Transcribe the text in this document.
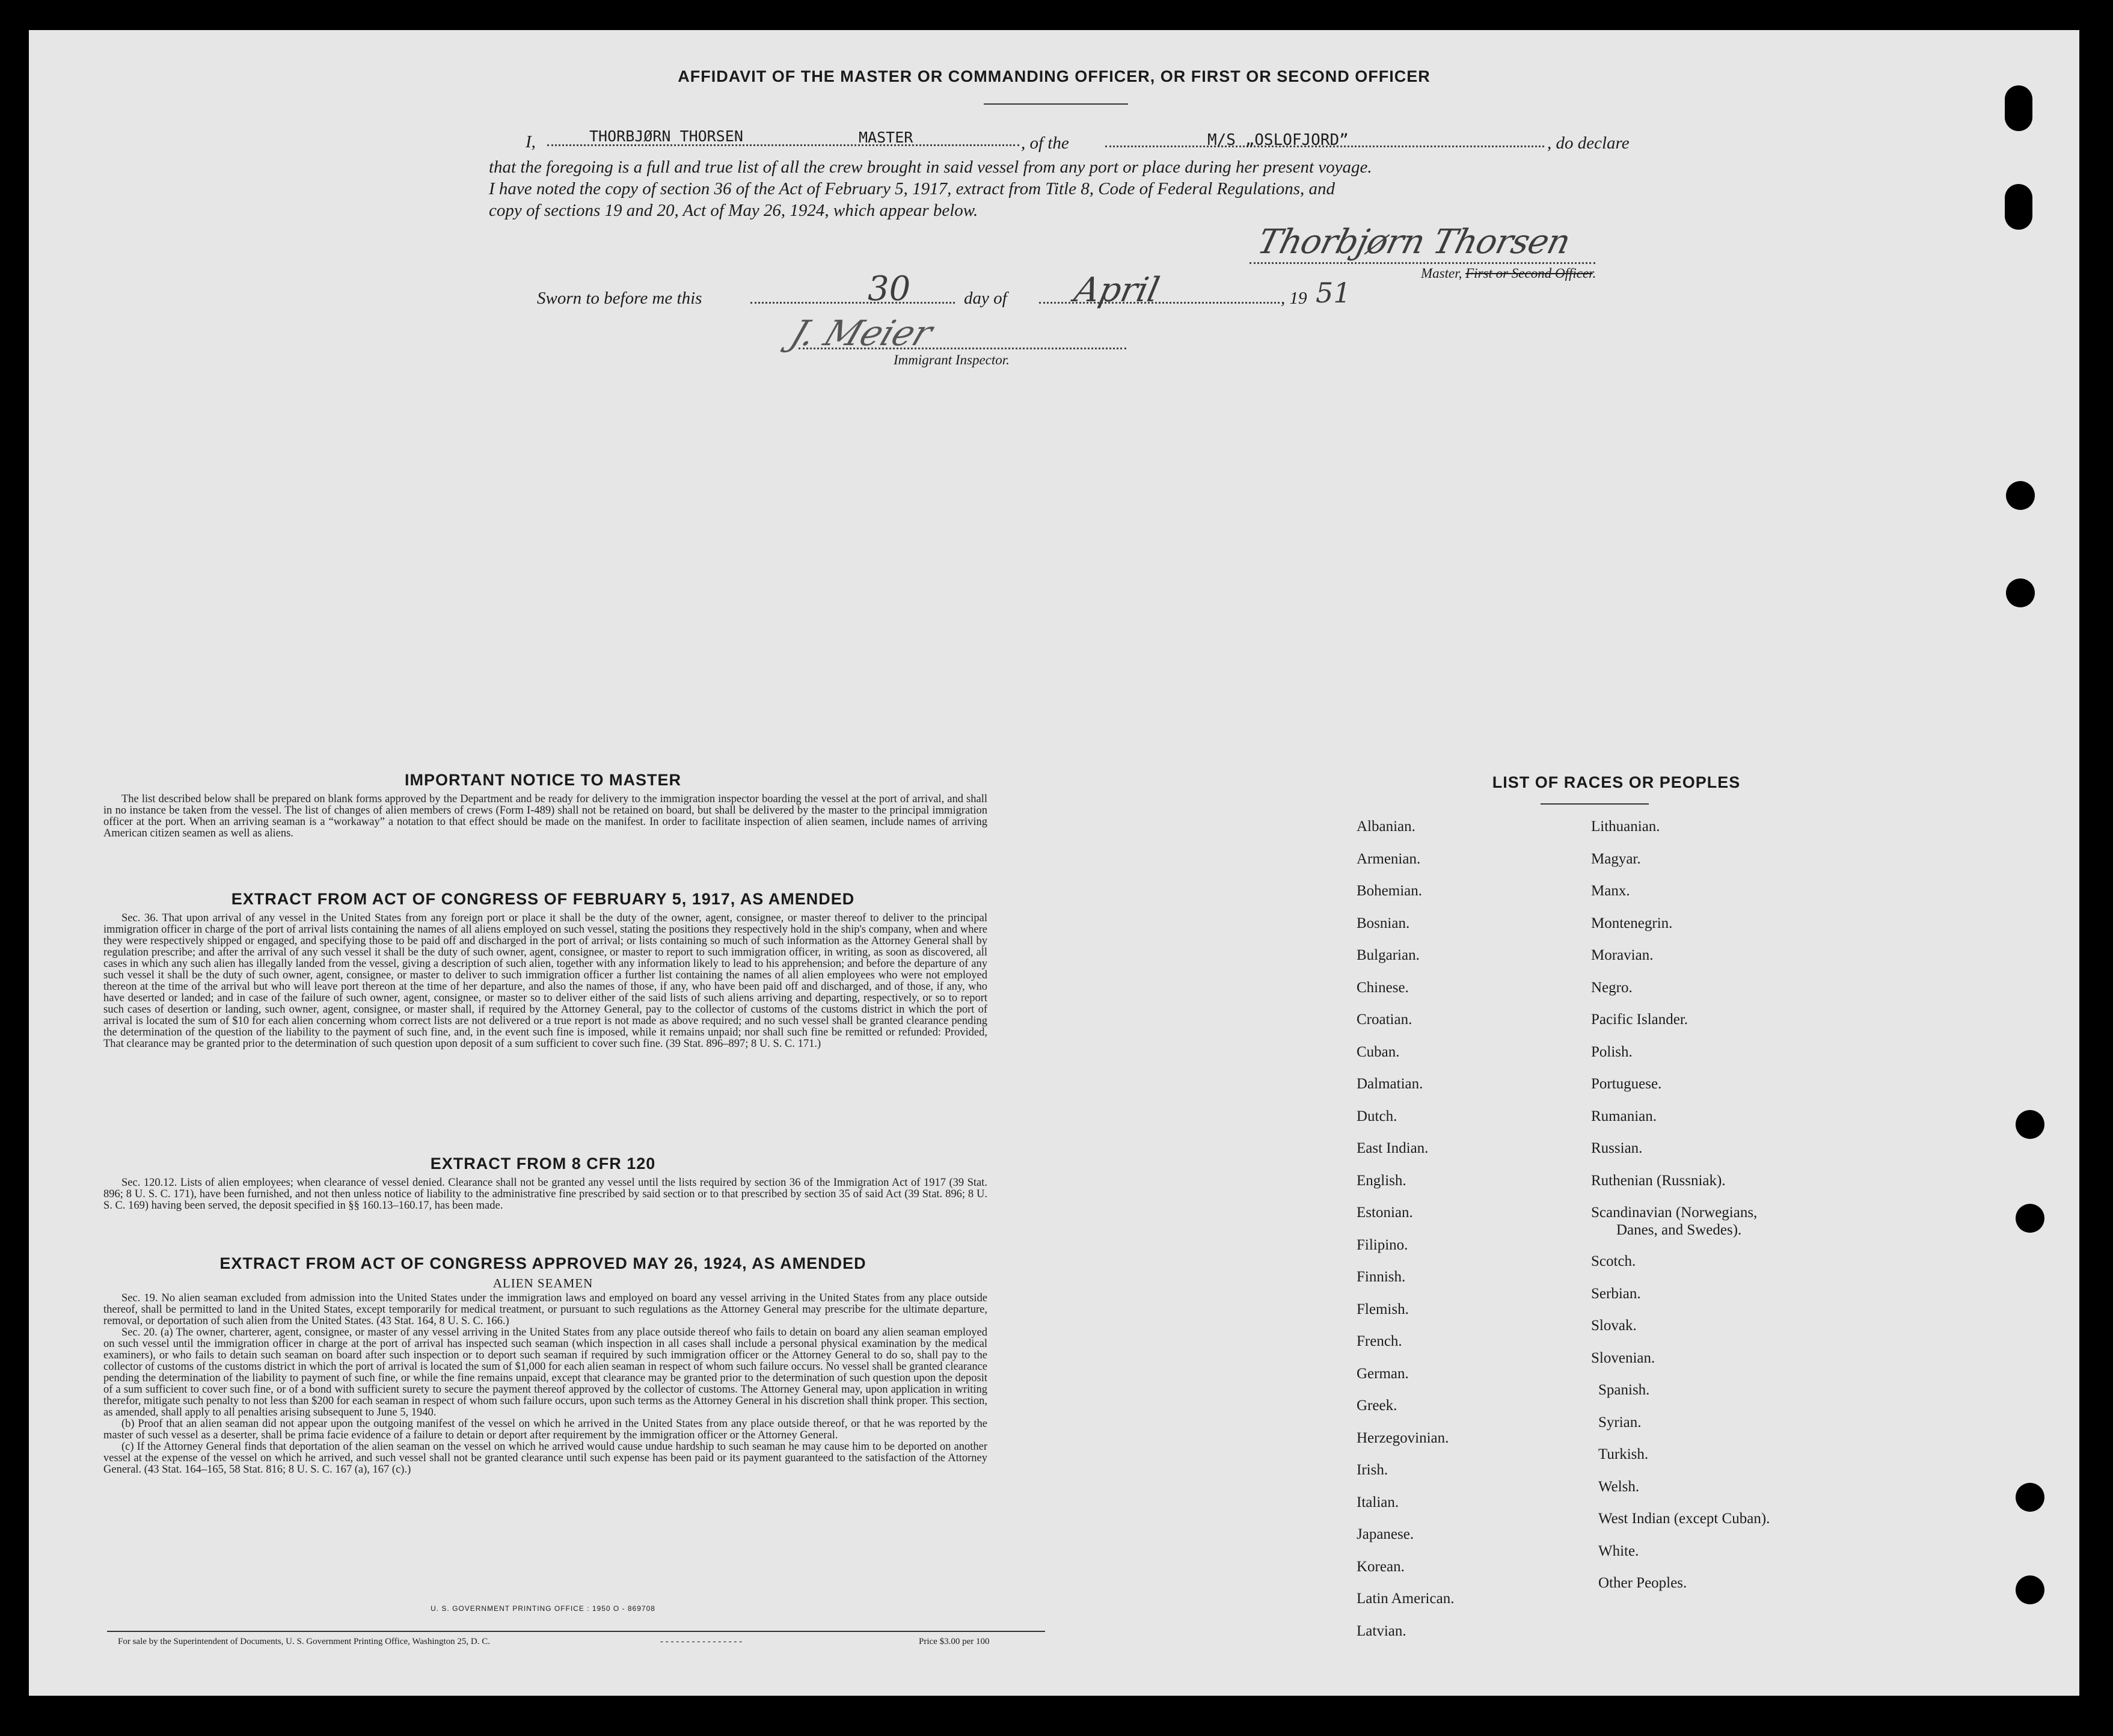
AFFIDAVIT OF THE MASTER OR COMMANDING OFFICER, OR FIRST OR SECOND OFFICER
I,	THORBJØRN THORSEN	MASTER	, of the	M/S „OSLOFJORD”	, do declare
that the foregoing is a full and true list of all the crew brought in said vessel from any port or place during her present voyage.
I have noted the copy of section 36 of the Act of February 5, 1917, extract from Title 8, Code of Federal Regulations, and
copy of sections 19 and 20, Act of May 26, 1924, which appear below.
Thorbjørn Thorsen
Master, First or Second Officer.
Sworn to before me this	30	day of April	, 19 51
J. Meier
Immigrant Inspector.
IMPORTANT NOTICE TO MASTER

The list described below shall be prepared on blank forms approved by the Department and be ready for delivery to the immigration inspector boarding the vessel at the port of arrival, and shall in no instance be taken from the vessel. The list of changes of alien members of crews (Form I-489) shall not be retained on board, but shall be delivered by the master to the principal immigration officer at the port. When an arriving seaman is a “workaway” a notation to that effect should be made on the manifest. In order to facilitate inspection of alien seamen, include names of arriving American citizen seamen as well as aliens.

EXTRACT FROM ACT OF CONGRESS OF FEBRUARY 5, 1917, AS AMENDED

Sec. 36. That upon arrival of any vessel in the United States from any foreign port or place it shall be the duty of the owner, agent, consignee, or master thereof to deliver to the principal immigration officer in charge of the port of arrival lists containing the names of all aliens employed on such vessel, stating the positions they respectively hold in the ship's company, when and where they were respectively shipped or engaged, and specifying those to be paid off and discharged in the port of arrival; or lists containing so much of such information as the Attorney General shall by regulation prescribe; and after the arrival of any such vessel it shall be the duty of such owner, agent, consignee, or master to report to such immigration officer, in writing, as soon as discovered, all cases in which any such alien has illegally landed from the vessel, giving a description of such alien, together with any information likely to lead to his apprehension; and before the departure of any such vessel it shall be the duty of such owner, agent, consignee, or master to deliver to such immigration officer a further list containing the names of all alien employees who were not employed thereon at the time of the arrival but who will leave port thereon at the time of her departure, and also the names of those, if any, who have been paid off and discharged, and of those, if any, who have deserted or landed; and in case of the failure of such owner, agent, consignee, or master so to deliver either of the said lists of such aliens arriving and departing, respectively, or so to report such cases of desertion or landing, such owner, agent, consignee, or master shall, if required by the Attorney General, pay to the collector of customs of the customs district in which the port of arrival is located the sum of $10 for each alien concerning whom correct lists are not delivered or a true report is not made as above required; and no such vessel shall be granted clearance pending the determination of the question of the liability to the payment of such fine, and, in the event such fine is imposed, while it remains unpaid; nor shall such fine be remitted or refunded: Provided, That clearance may be granted prior to the determination of such question upon deposit of a sum sufficient to cover such fine. (39 Stat. 896–897; 8 U. S. C. 171.)

EXTRACT FROM 8 CFR 120

Sec. 120.12. Lists of alien employees; when clearance of vessel denied. Clearance shall not be granted any vessel until the lists required by section 36 of the Immigration Act of 1917 (39 Stat. 896; 8 U. S. C. 171), have been furnished, and not then unless notice of liability to the administrative fine prescribed by said section or to that prescribed by section 35 of said Act (39 Stat. 896; 8 U. S. C. 169) having been served, the deposit specified in §§ 160.13–160.17, has been made.

EXTRACT FROM ACT OF CONGRESS APPROVED MAY 26, 1924, AS AMENDED
ALIEN SEAMEN

Sec. 19. No alien seaman excluded from admission into the United States under the immigration laws and employed on board any vessel arriving in the United States from any place outside thereof, shall be permitted to land in the United States, except temporarily for medical treatment, or pursuant to such regulations as the Attorney General may prescribe for the ultimate departure, removal, or deportation of such alien from the United States. (43 Stat. 164, 8 U. S. C. 166.)

Sec. 20. (a) The owner, charterer, agent, consignee, or master of any vessel arriving in the United States from any place outside thereof who fails to detain on board any alien seaman employed on such vessel until the immigration officer in charge at the port of arrival has inspected such seaman (which inspection in all cases shall include a personal physical examination by the medical examiners), or who fails to detain such seaman on board after such inspection or to deport such seaman if required by such immigration officer or the Attorney General to do so, shall pay to the collector of customs of the customs district in which the port of arrival is located the sum of $1,000 for each alien seaman in respect of whom such failure occurs. No vessel shall be granted clearance pending the determination of the liability to payment of such fine, or while the fine remains unpaid, except that clearance may be granted prior to the determination of such question upon the deposit of a sum sufficient to cover such fine, or of a bond with sufficient surety to secure the payment thereof approved by the collector of customs. The Attorney General may, upon application in writing therefor, mitigate such penalty to not less than $200 for each seaman in respect of whom such failure occurs, upon such terms as the Attorney General in his discretion shall think proper. This section, as amended, shall apply to all penalties arising subsequent to June 5, 1940.

(b) Proof that an alien seaman did not appear upon the outgoing manifest of the vessel on which he arrived in the United States from any place outside thereof, or that he was reported by the master of such vessel as a deserter, shall be prima facie evidence of a failure to detain or deport after requirement by the immigration officer or the Attorney General.

(c) If the Attorney General finds that deportation of the alien seaman on the vessel on which he arrived would cause undue hardship to such seaman he may cause him to be deported on another vessel at the expense of the vessel on which he arrived, and such vessel shall not be granted clearance until such expense has been paid or its payment guaranteed to the satisfaction of the Attorney General. (43 Stat. 164–165, 58 Stat. 816; 8 U. S. C. 167 (a), 167 (c).)

U. S. GOVERNMENT PRINTING OFFICE : 1950 O - 869708
For sale by the Superintendent of Documents, U. S. Government Printing Office, Washington 25, D. C.	- - - - - - - - - - - - - - - -	Price $3.00 per 100
LIST OF RACES OR PEOPLES
Albanian.
Armenian.
Bohemian.
Bosnian.
Bulgarian.
Chinese.
Croatian.
Cuban.
Dalmatian.
Dutch.
East Indian.
English.
Estonian.
Filipino.
Finnish.
Flemish.
French.
German.
Greek.
Herzegovinian.
Irish.
Italian.
Japanese.
Korean.
Latin American.
Latvian.
Lithuanian.
Magyar.
Manx.
Montenegrin.
Moravian.
Negro.
Pacific Islander.
Polish.
Portuguese.
Rumanian.
Russian.
Ruthenian (Russniak).
Scandinavian (Norwegians,
Danes, and Swedes).
Scotch.
Serbian.
Slovak.
Slovenian.
Spanish.
Syrian.
Turkish.
Welsh.
West Indian (except Cuban).
White.
Other Peoples.
